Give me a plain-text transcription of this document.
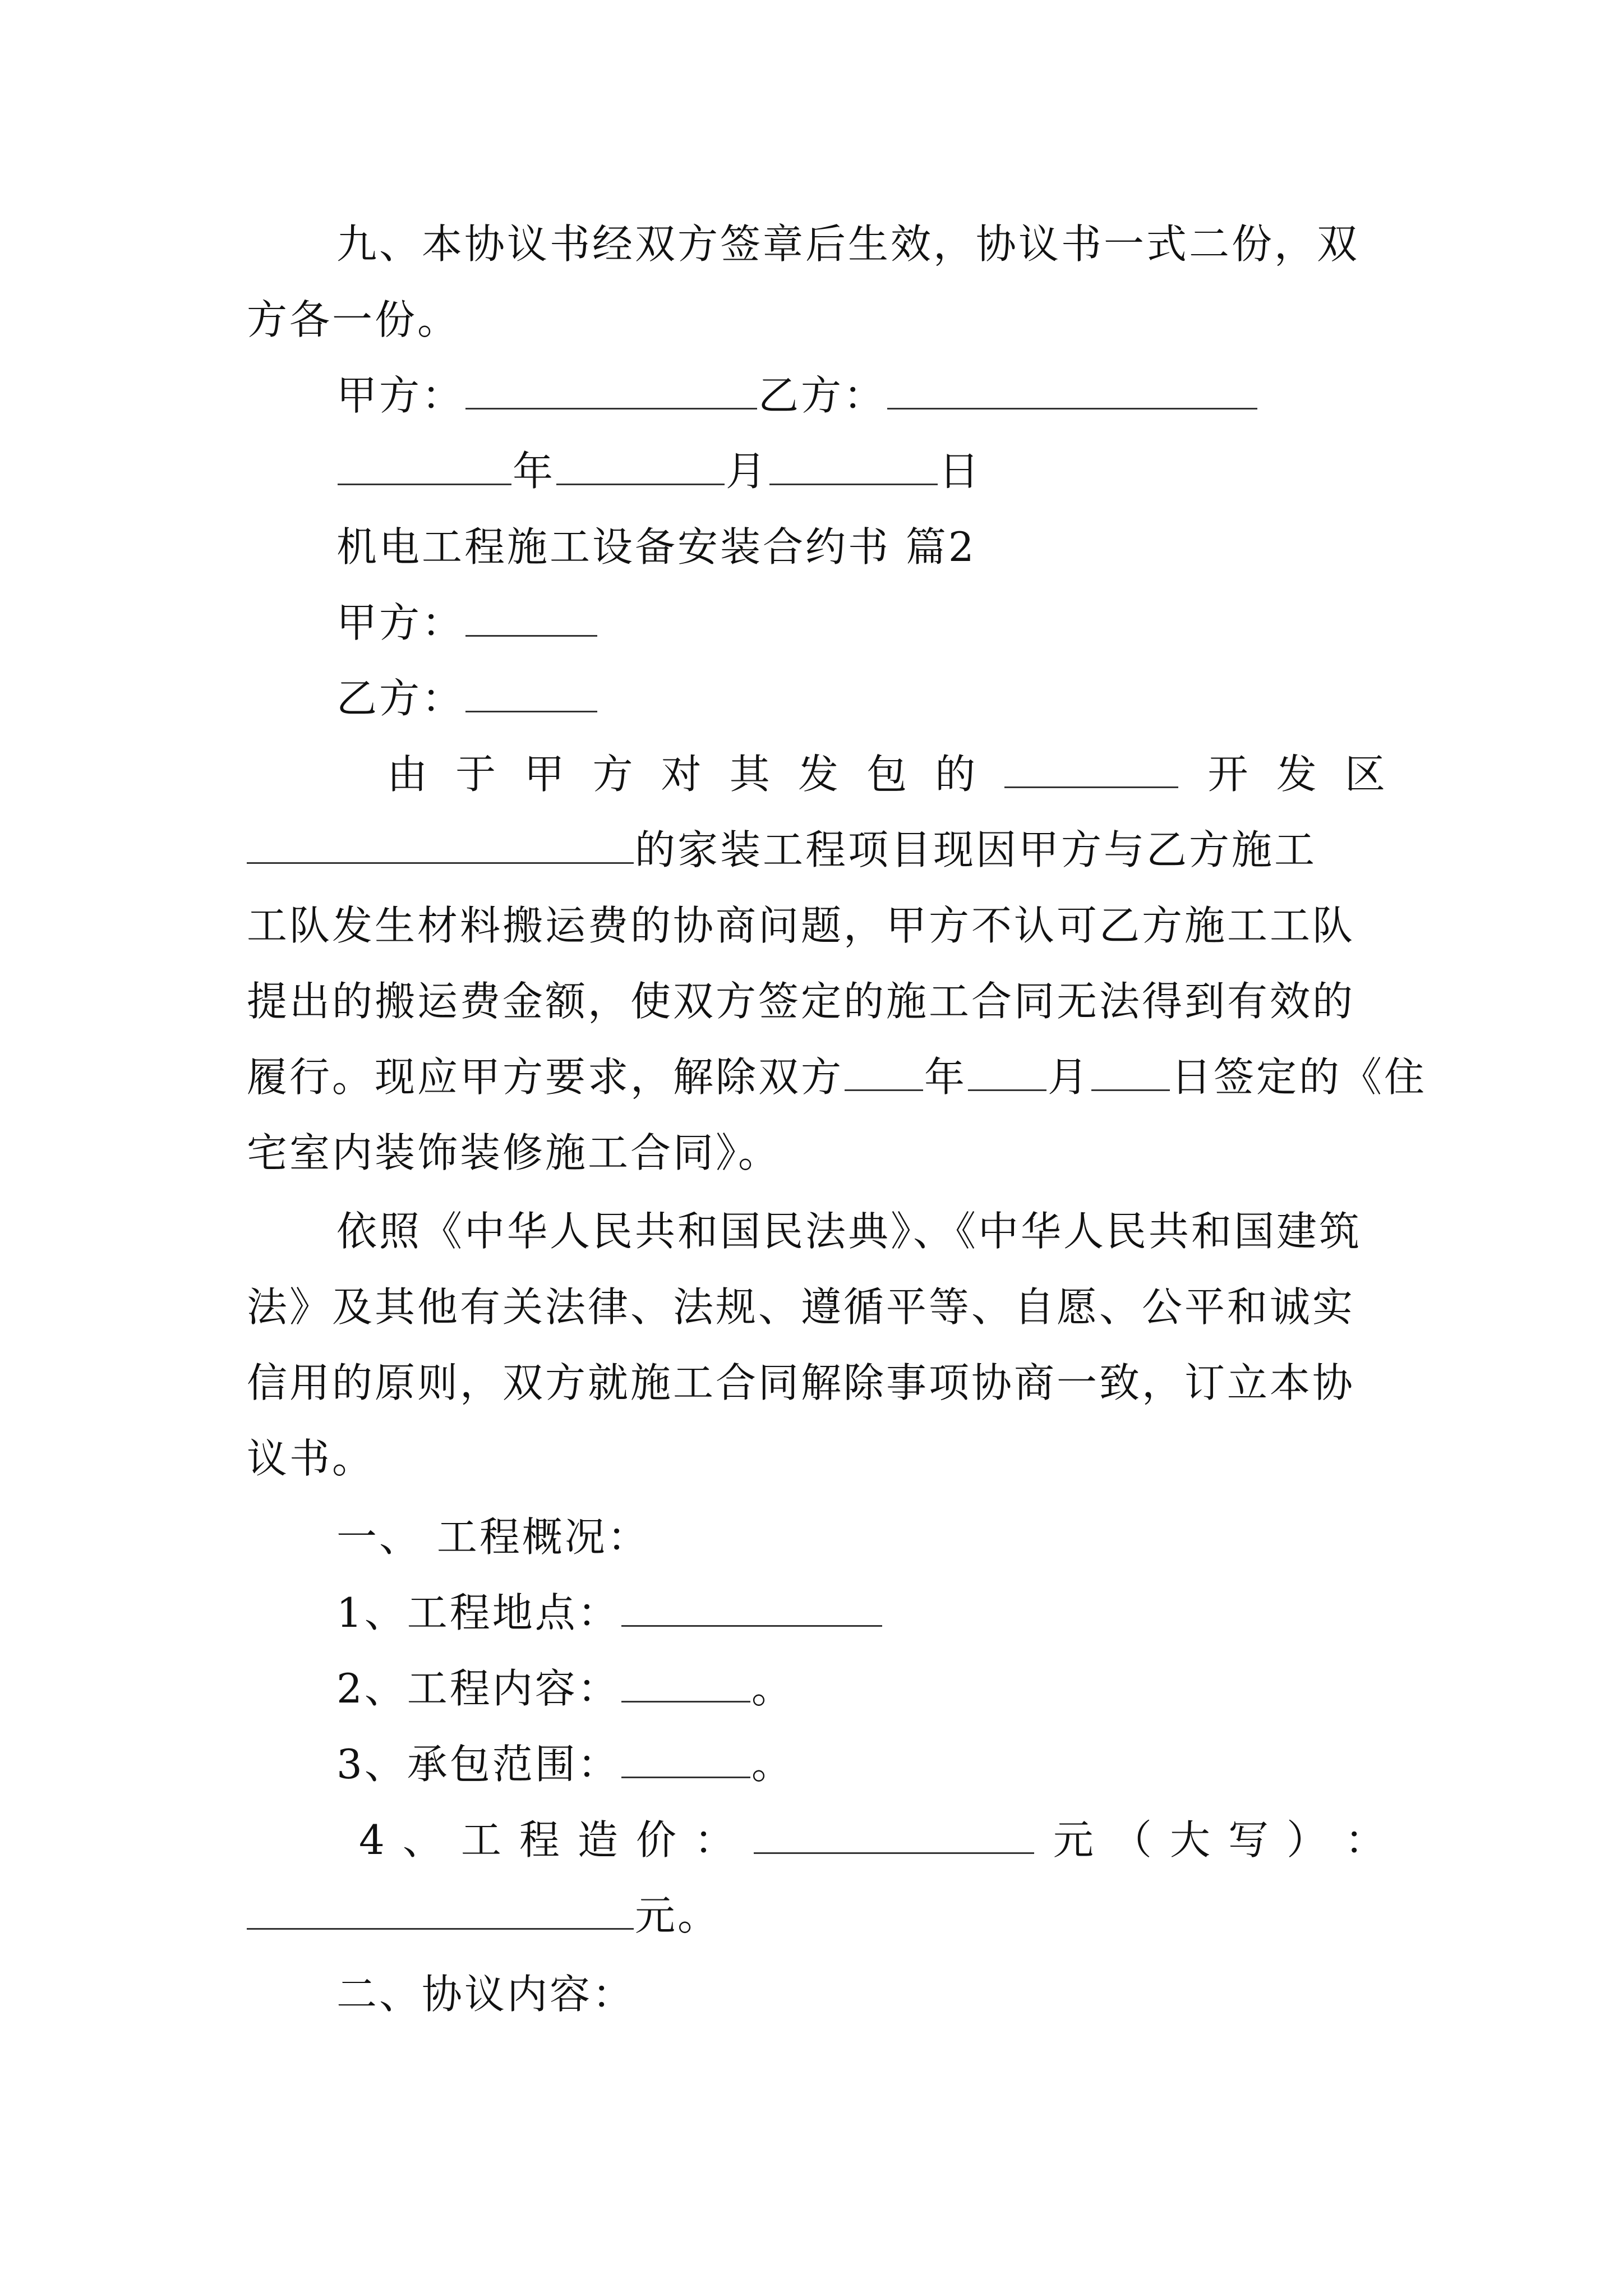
九、本协议书经双方签章后生效，协议书一式二份，双
方各一份。
甲方：	乙方：
年	月	日
机电工程施工设备安装合约书 篇2
甲方：
乙方：
由 于 甲 方 对 其 发 包 的	开 发 区
的家装工程项目现因甲方与乙方施工
工队发生材料搬运费的协商问题，甲方不认可乙方施工工队
提出的搬运费金额，使双方签定的施工合同无法得到有效的
履行。现应甲方要求，解除双方 年 月 日签定的《住
宅室内装饰装修施工合同》。
依照《中华人民共和国民法典》、《中华人民共和国建筑
法》及其他有关法律、法规、遵循平等、自愿、公平和诚实
信用的原则，双方就施工合同解除事项协商一致，订立本协
议书。
一、 工程概况：
1、工程地点：
2、工程内容：	。
3、承包范围：	。
4 、 工 程 造 价 ：	元 （ 大 写 ） ：
元。
二、协议内容：
